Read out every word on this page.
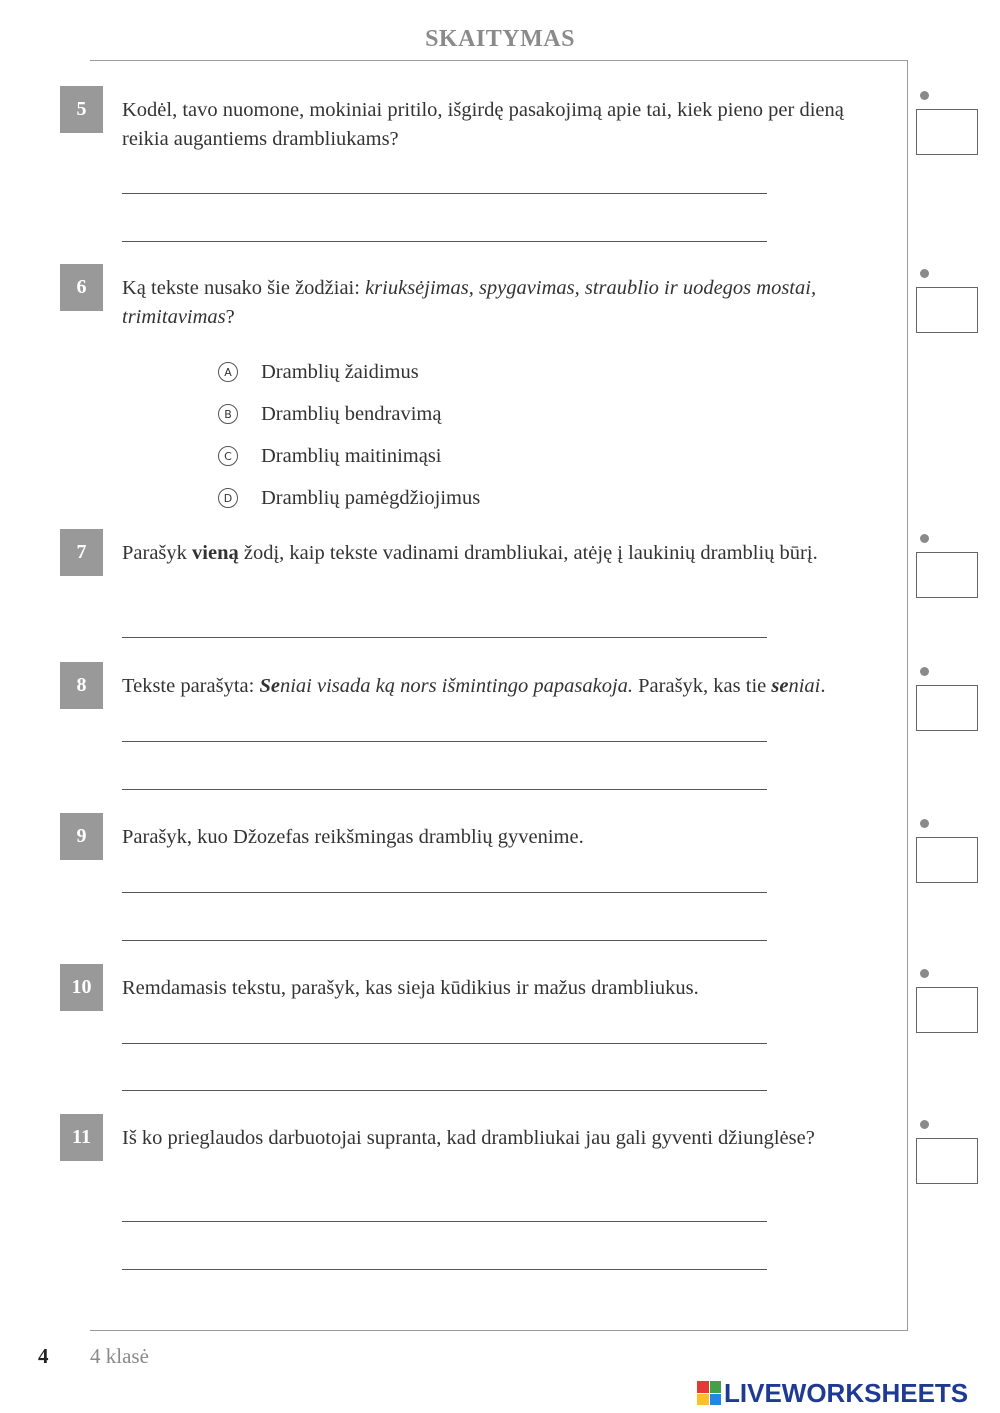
SKAITYMAS
5	Kodėl, tavo nuomone, mokiniai pritilo, išgirdę pasakojimą apie tai, kiek pieno per dieną reikia augantiems drambliukams?
6	Ką tekste nusako šie žodžiai: kriuksėjimas, spygavimas, straublio ir uodegos mostai, trimitavimas?
A	Dramblių žaidimus
B	Dramblių bendravimą
C	Dramblių maitinimąsi
D Dramblių pamėgdžiojimus
7	Parašyk vieną žodį, kaip tekste vadinami drambliukai, atėję į laukinių dramblių būrį.
8	Tekste parašyta: Seniai visada ką nors išmintingo papasakoja. Parašyk, kas tie seniai.
9	Parašyk, kuo Džozefas reikšmingas dramblių gyvenime.
10	Remdamasis tekstu, parašyk, kas sieja kūdikius ir mažus drambliukus.
11	Iš ko prieglaudos darbuotojai supranta, kad drambliukai jau gali gyventi džiunglėse?
4 4 klasė
LIVEWORKSHEETS
